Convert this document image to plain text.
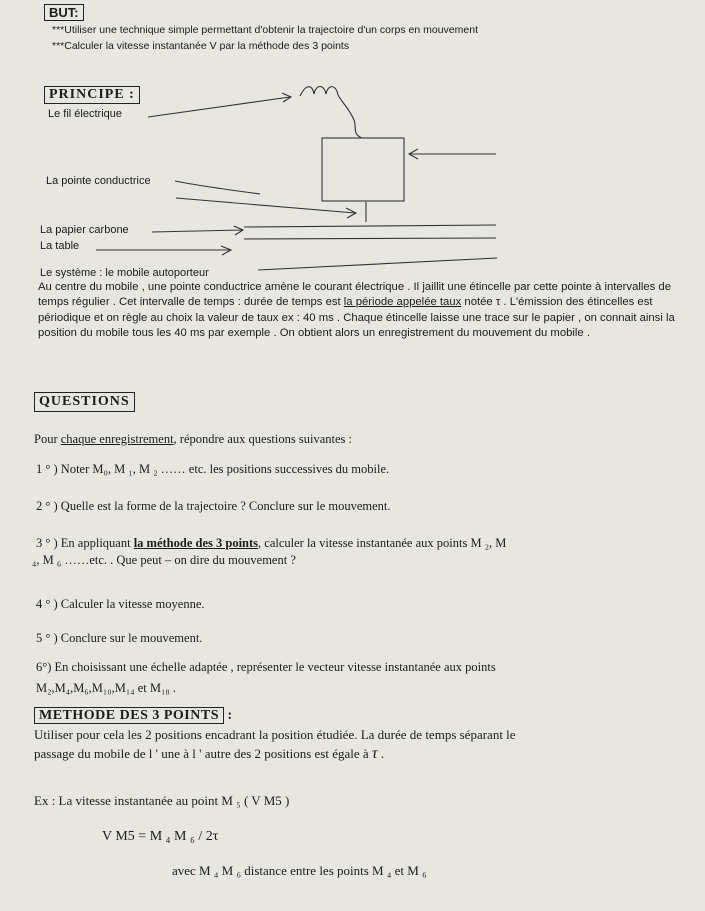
BUT:
***Utiliser une technique simple permettant d'obtenir la trajectoire d'un corps en mouvement
***Calculer la vitesse instantanée V par la méthode des 3 points
PRINCIPE :
Le fil électrique
La pointe conductrice
La papier carbone
La table
Le système : le mobile autoporteur

Au centre du mobile , une pointe conductrice amène le courant électrique . Il jaillit une étincelle par cette pointe à intervalles de temps régulier . Cet intervalle de temps : durée de temps est la période appelée taux notée τ . L'émission des étincelles est périodique et on règle au choix la valeur de taux ex : 40 ms . Chaque étincelle laisse une trace sur le papier , on connait ainsi la position du mobile tous les 40 ms par exemple . On obtient alors un enregistrement du mouvement du mobile .

QUESTIONS
Pour chaque enregistrement, répondre aux questions suivantes :
1 ° ) Noter M₀, M ₁, M ₂ …… etc. les positions successives du mobile.
2 ° ) Quelle est la forme de la trajectoire ? Conclure sur le mouvement.
3 ° ) En appliquant la méthode des 3 points, calculer la vitesse instantanée aux points M ₂, M
₄, M ₆ ……etc. . Que peut – on dire du mouvement ?
4 ° ) Calculer la vitesse moyenne.
5 ° ) Conclure sur le mouvement.
6°) En choisissant une échelle adaptée , représenter le vecteur vitesse instantanée aux points
M₂,M₄,M₆,M₁₀,M₁₄ et M₁₈ .
METHODE DES 3 POINTS :
Utiliser pour cela les 2 positions encadrant la position étudiée. La durée de temps séparant le
passage du mobile de l ' une à l ' autre des 2 positions est égale à τ .
Ex : La vitesse instantanée au point M ₅ ( V M5 )
V M5 = M ₄ M ₆ / 2τ
avec M ₄ M ₆ distance entre les points M ₄ et M ₆
